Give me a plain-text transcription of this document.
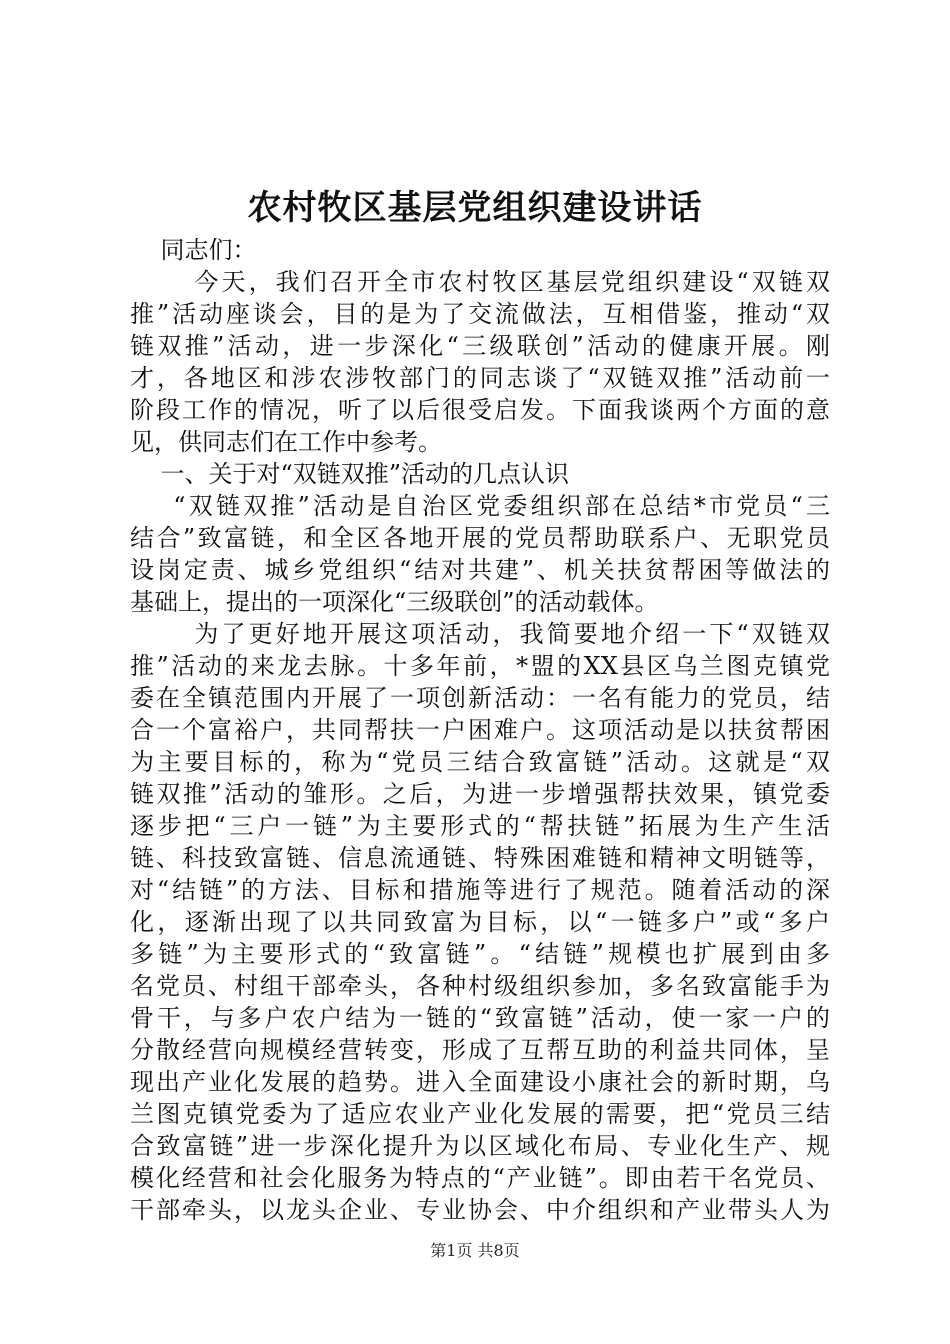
农村牧区基层党组织建设讲话
同志们：
今天，我们召开全市农村牧区基层党组织建设“双链双
推”活动座谈会，目的是为了交流做法，互相借鉴，推动“双
链双推”活动，进一步深化“三级联创”活动的健康开展。刚
才，各地区和涉农涉牧部门的同志谈了“双链双推”活动前一
阶段工作的情况，听了以后很受启发。下面我谈两个方面的意
见，供同志们在工作中参考。
一、关于对“双链双推”活动的几点认识
“双链双推”活动是自治区党委组织部在总结*市党员“三
结合”致富链，和全区各地开展的党员帮助联系户、无职党员
设岗定责、城乡党组织“结对共建”、机关扶贫帮困等做法的
基础上，提出的一项深化“三级联创”的活动载体。
为了更好地开展这项活动，我简要地介绍一下“双链双
推”活动的来龙去脉。十多年前，*盟的XX县区乌兰图克镇党
委在全镇范围内开展了一项创新活动：一名有能力的党员，结
合一个富裕户，共同帮扶一户困难户。这项活动是以扶贫帮困
为主要目标的，称为“党员三结合致富链”活动。这就是“双
链双推”活动的雏形。之后，为进一步增强帮扶效果，镇党委
逐步把“三户一链”为主要形式的“帮扶链”拓展为生产生活
链、科技致富链、信息流通链、特殊困难链和精神文明链等，
对“结链”的方法、目标和措施等进行了规范。随着活动的深
化，逐渐出现了以共同致富为目标，以“一链多户”或“多户
多链”为主要形式的“致富链”。“结链”规模也扩展到由多
名党员、村组干部牵头，各种村级组织参加，多名致富能手为
骨干，与多户农户结为一链的“致富链”活动，使一家一户的
分散经营向规模经营转变，形成了互帮互助的利益共同体，呈
现出产业化发展的趋势。进入全面建设小康社会的新时期，乌
兰图克镇党委为了适应农业产业化发展的需要，把“党员三结
合致富链”进一步深化提升为以区域化布局、专业化生产、规
模化经营和社会化服务为特点的“产业链”。即由若干名党员、
干部牵头，以龙头企业、专业协会、中介组织和产业带头人为
第1页 共8页
